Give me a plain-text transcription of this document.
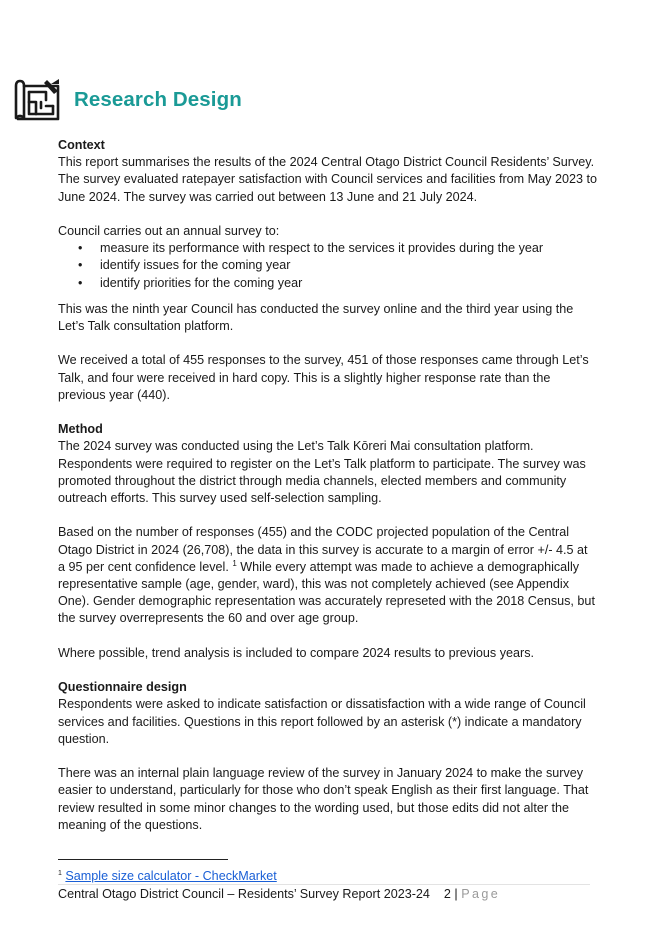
Research Design
Context

This report summarises the results of the 2024 Central Otago District Council Residents’ Survey. The survey evaluated ratepayer satisfaction with Council services and facilities from May 2023 to June 2024. The survey was carried out between 13 June and 21 July 2024.

Council carries out an annual survey to:

• measure its performance with respect to the services it provides during the year
• identify issues for the coming year
• identify priorities for the coming year

This was the ninth year Council has conducted the survey online and the third year using the Let’s Talk consultation platform.

We received a total of 455 responses to the survey, 451 of those responses came through Let’s Talk, and four were received in hard copy. This is a slightly higher response rate than the previous year (440).

Method

The 2024 survey was conducted using the Let’s Talk Kōreri Mai consultation platform. Respondents were required to register on the Let’s Talk platform to participate. The survey was promoted throughout the district through media channels, elected members and community outreach efforts. This survey used self-selection sampling.

Based on the number of responses (455) and the CODC projected population of the Central Otago District in 2024 (26,708), the data in this survey is accurate to a margin of error +/- 4.5 at a 95 per cent confidence level. $^1$ While every attempt was made to achieve a demographically representative sample (age, gender, ward), this was not completely achieved (see Appendix One). Gender demographic representation was accurately represeted with the 2018 Census, but the survey overrepresents the 60 and over age group.

Where possible, trend analysis is included to compare 2024 results to previous years.

Questionnaire design

Respondents were asked to indicate satisfaction or dissatisfaction with a wide range of Council services and facilities. Questions in this report followed by an asterisk (*) indicate a mandatory question.

There was an internal plain language review of the survey in January 2024 to make the survey easier to understand, particularly for those who don’t speak English as their first language. That review resulted in some minor changes to the wording used, but those edits did not alter the meaning of the questions.

$^1$ Sample size calculator - CheckMarket
Central Otago District Council – Residents’ Survey Report 2023-24 2 | Page
